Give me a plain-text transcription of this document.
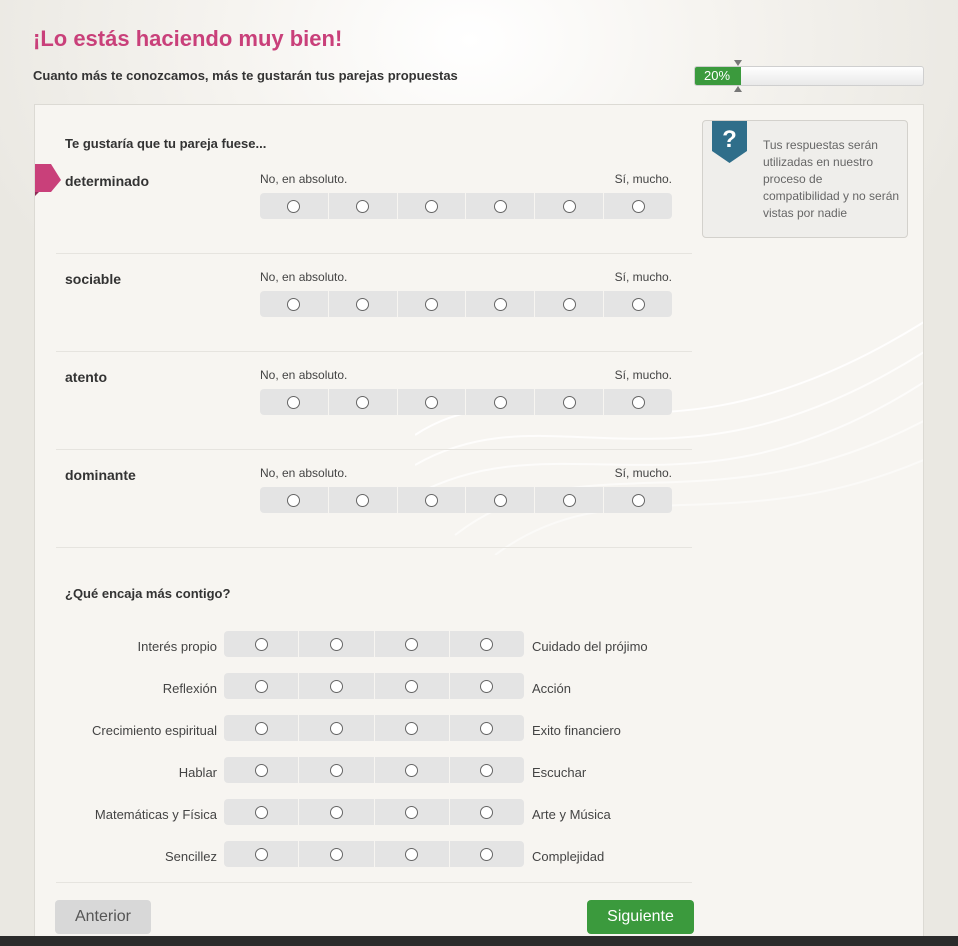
¡Lo estás haciendo muy bien!
Cuanto más te conozcamos, más te gustarán tus parejas propuestas	20%
Te gustaría que tu pareja fuese...
determinado	No, en absoluto.	Sí, mucho.
sociable	No, en absoluto.	Sí, mucho.
atento	No, en absoluto.	Sí, mucho.
dominante	No, en absoluto.	Sí, mucho.
¿Qué encaja más contigo?
Interés propio	Cuidado del prójimo
Reflexión	Acción
Crecimiento espiritual	Exito financiero
Hablar	Escuchar
Matemáticas y Física	Arte y Música
Sencillez	Complejidad
? Tus respuestas serán utilizadas en nuestro proceso de compatibilidad y no serán vistas por nadie
Anterior	Siguiente
